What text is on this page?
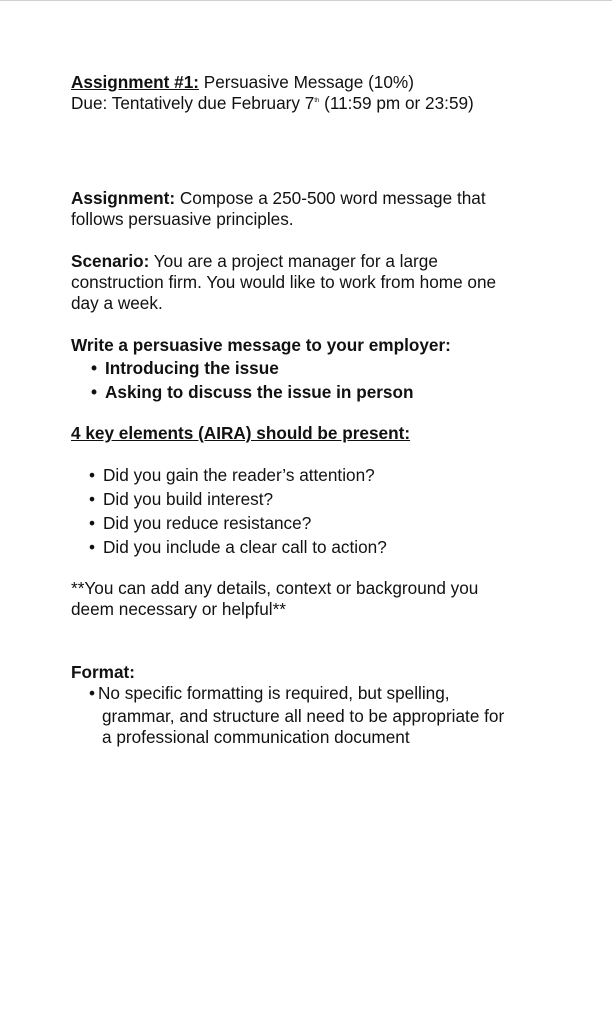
Assignment #1: Persuasive Message (10%)

Due: Tentatively due February 7th (11:59 pm or 23:59)

Assignment: Compose a 250-500 word message that

follows persuasive principles.

Scenario: You are a project manager for a large

construction firm. You would like to work from home one

day a week.

Write a persuasive message to your employer:

• Introducing the issue
• Asking to discuss the issue in person

4 key elements (AIRA) should be present:

• Did you gain the reader’s attention?
• Did you build interest?
• Did you reduce resistance?
• Did you include a clear call to action?

**You can add any details, context or background you

deem necessary or helpful**

Format:

• No specific formatting is required, but spelling,
grammar, and structure all need to be appropriate for
a professional communication document
